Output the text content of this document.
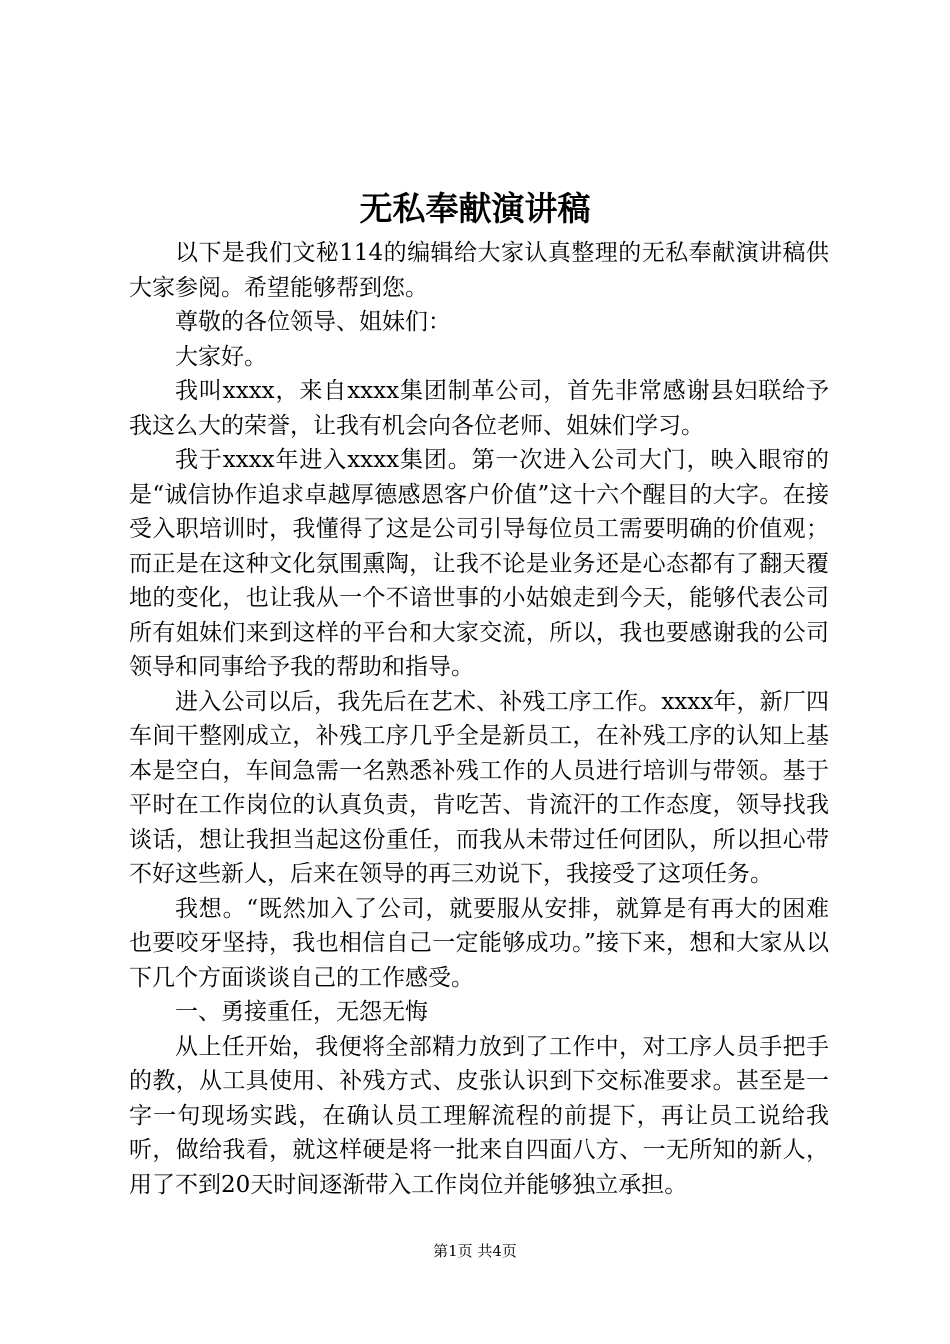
无私奉献演讲稿

以下是我们文秘114的编辑给大家认真整理的无私奉献演讲稿供大家参阅。希望能够帮到您。

尊敬的各位领导、姐妹们：

大家好。

我叫xxxx，来自xxxx集团制革公司，首先非常感谢县妇联给予我这么大的荣誉，让我有机会向各位老师、姐妹们学习。

我于xxxx年进入xxxx集团。第一次进入公司大门，映入眼帘的是“诚信协作追求卓越厚德感恩客户价值”这十六个醒目的大字。在接受入职培训时，我懂得了这是公司引导每位员工需要明确的价值观；而正是在这种文化氛围熏陶，让我不论是业务还是心态都有了翻天覆地的变化，也让我从一个不谙世事的小姑娘走到今天，能够代表公司所有姐妹们来到这样的平台和大家交流，所以，我也要感谢我的公司领导和同事给予我的帮助和指导。

进入公司以后，我先后在艺术、补残工序工作。xxxx年，新厂四车间干整刚成立，补残工序几乎全是新员工，在补残工序的认知上基本是空白，车间急需一名熟悉补残工作的人员进行培训与带领。基于平时在工作岗位的认真负责，肯吃苦、肯流汗的工作态度，领导找我谈话，想让我担当起这份重任，而我从未带过任何团队，所以担心带不好这些新人，后来在领导的再三劝说下，我接受了这项任务。

我想。“既然加入了公司，就要服从安排，就算是有再大的困难也要咬牙坚持，我也相信自己一定能够成功。”接下来，想和大家从以下几个方面谈谈自己的工作感受。

一、勇接重任，无怨无悔

从上任开始，我便将全部精力放到了工作中，对工序人员手把手的教，从工具使用、补残方式、皮张认识到下交标准要求。甚至是一字一句现场实践，在确认员工理解流程的前提下，再让员工说给我听，做给我看，就这样硬是将一批来自四面八方、一无所知的新人，用了不到20天时间逐渐带入工作岗位并能够独立承担。

第1页 共4页
